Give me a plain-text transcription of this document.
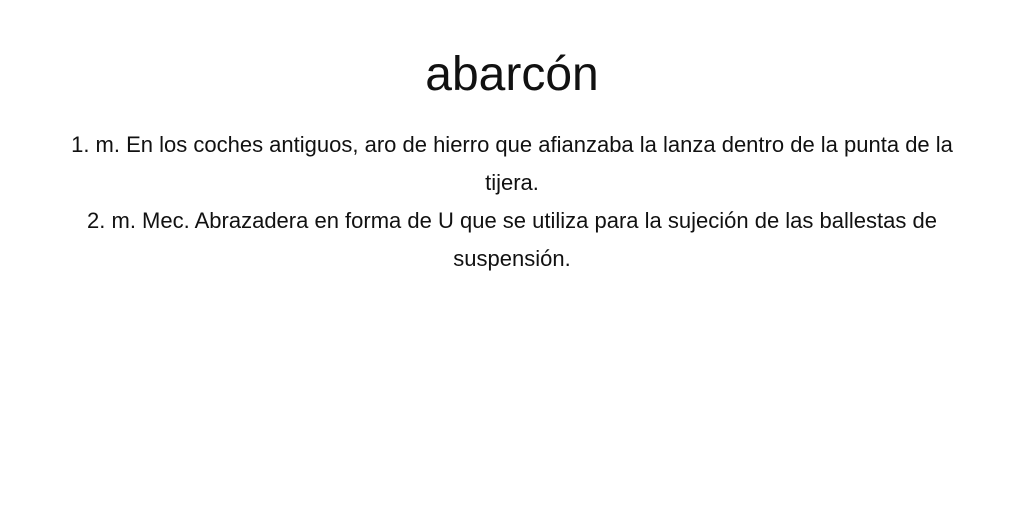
abarcón
1. m. En los coches antiguos, aro de hierro que afianzaba la lanza dentro de la punta de la tijera.
2. m. Mec. Abrazadera en forma de U que se utiliza para la sujeción de las ballestas de suspensión.
